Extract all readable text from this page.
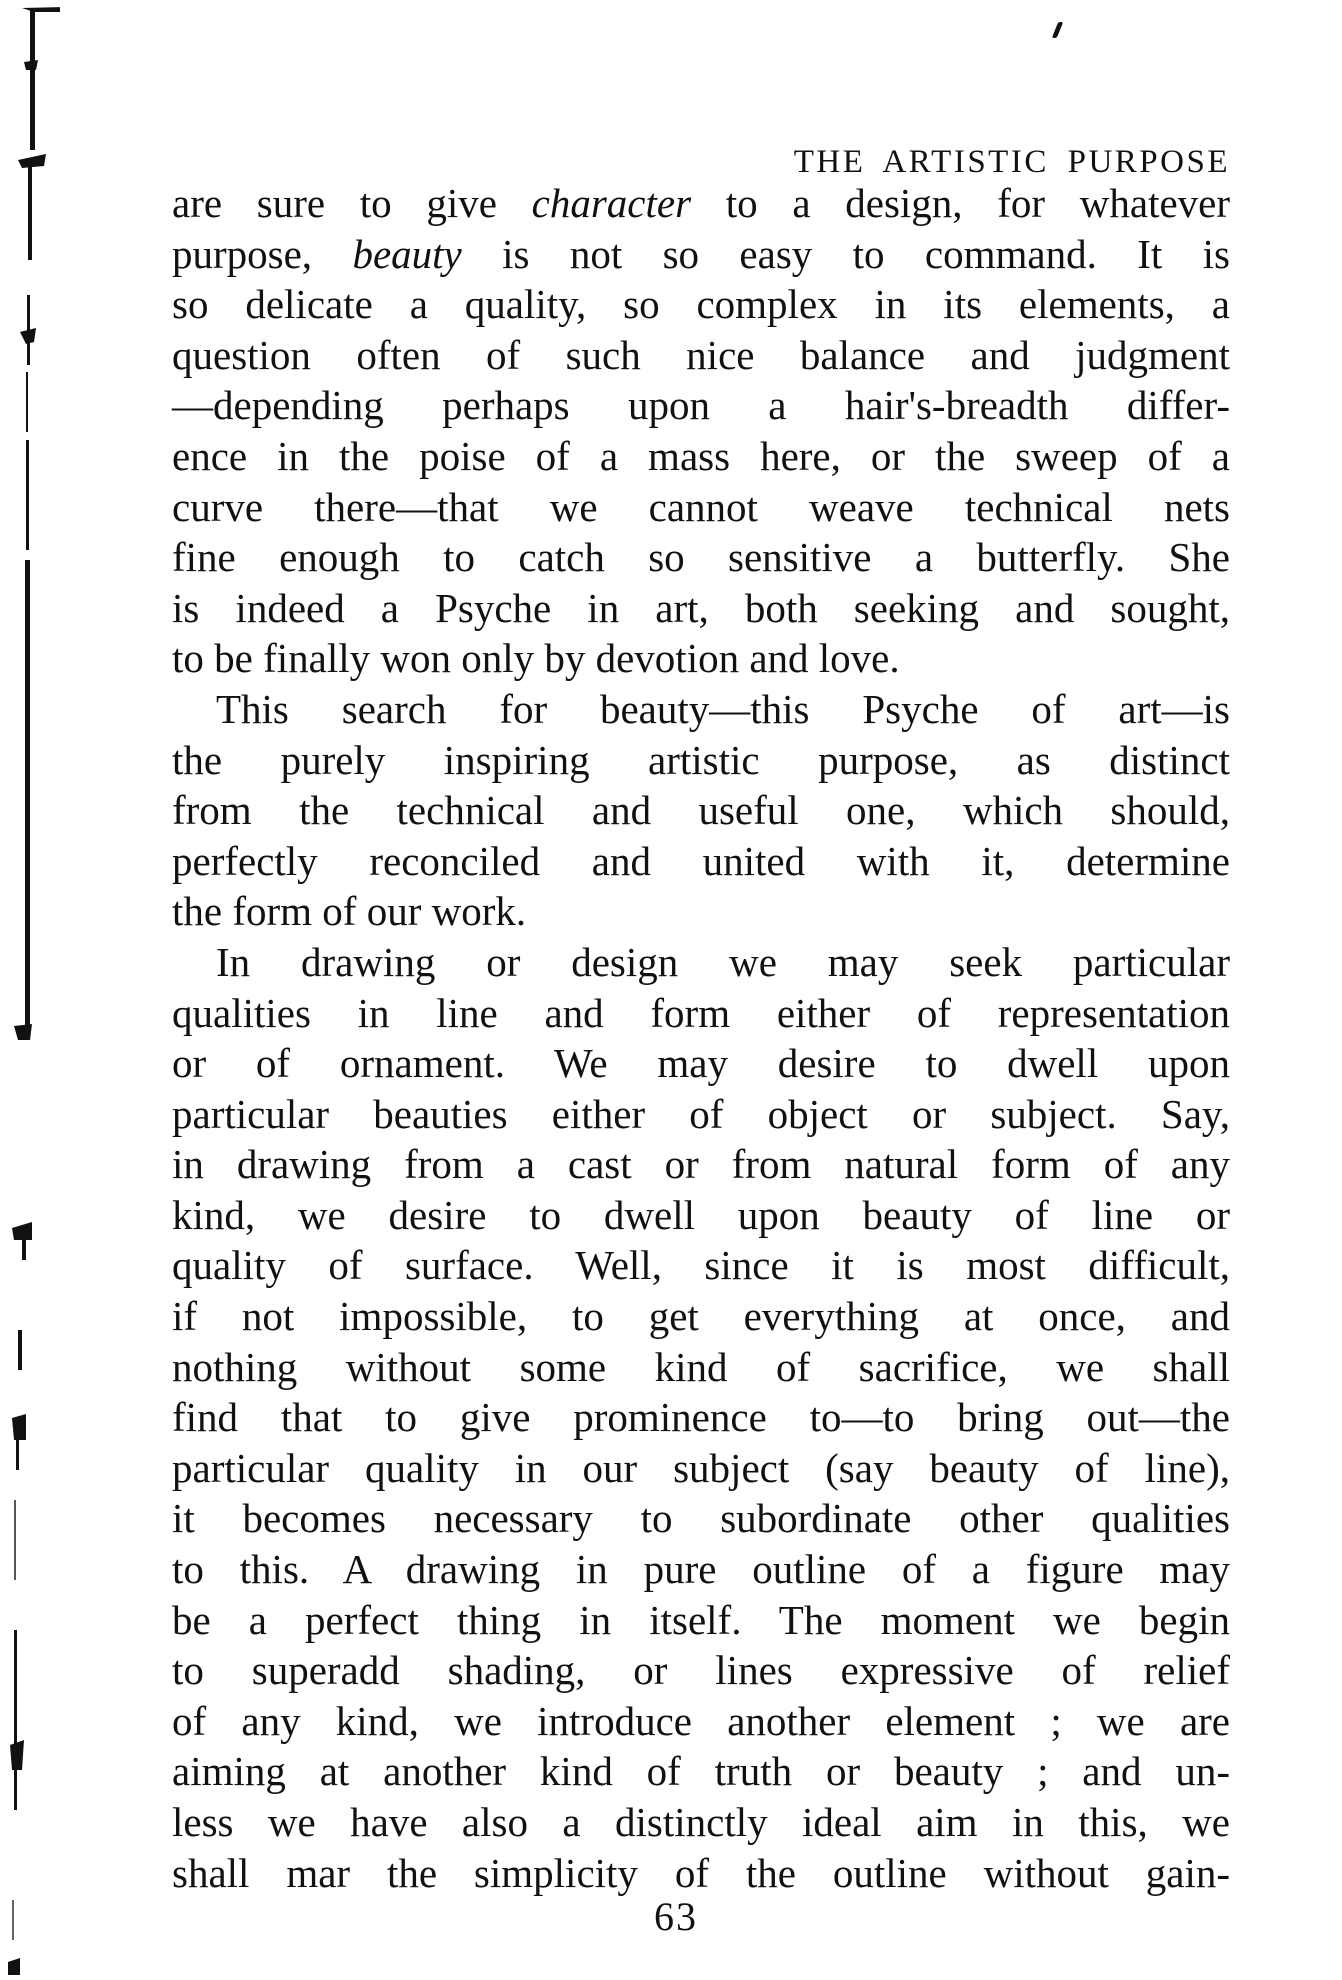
THE ARTISTIC PURPOSE
are sure to give character to a design, for whatever
purpose, beauty is not so easy to command. It is
so delicate a quality, so complex in its elements, a
question often of such nice balance and judgment
—depending perhaps upon a hair's-breadth differ-
ence in the poise of a mass here, or the sweep of a
curve there—that we cannot weave technical nets
fine enough to catch so sensitive a butterfly. She
is indeed a Psyche in art, both seeking and sought,
to be finally won only by devotion and love.
This search for beauty—this Psyche of art—is
the purely inspiring artistic purpose, as distinct
from the technical and useful one, which should,
perfectly reconciled and united with it, determine
the form of our work.
In drawing or design we may seek particular
qualities in line and form either of representation
or of ornament. We may desire to dwell upon
particular beauties either of object or subject. Say,
in drawing from a cast or from natural form of any
kind, we desire to dwell upon beauty of line or
quality of surface. Well, since it is most difficult,
if not impossible, to get everything at once, and
nothing without some kind of sacrifice, we shall
find that to give prominence to—to bring out—the
particular quality in our subject (say beauty of line),
it becomes necessary to subordinate other qualities
to this. A drawing in pure outline of a figure may
be a perfect thing in itself. The moment we begin
to superadd shading, or lines expressive of relief
of any kind, we introduce another element ; we are
aiming at another kind of truth or beauty ; and un-
less we have also a distinctly ideal aim in this, we
shall mar the simplicity of the outline without gain-
63
